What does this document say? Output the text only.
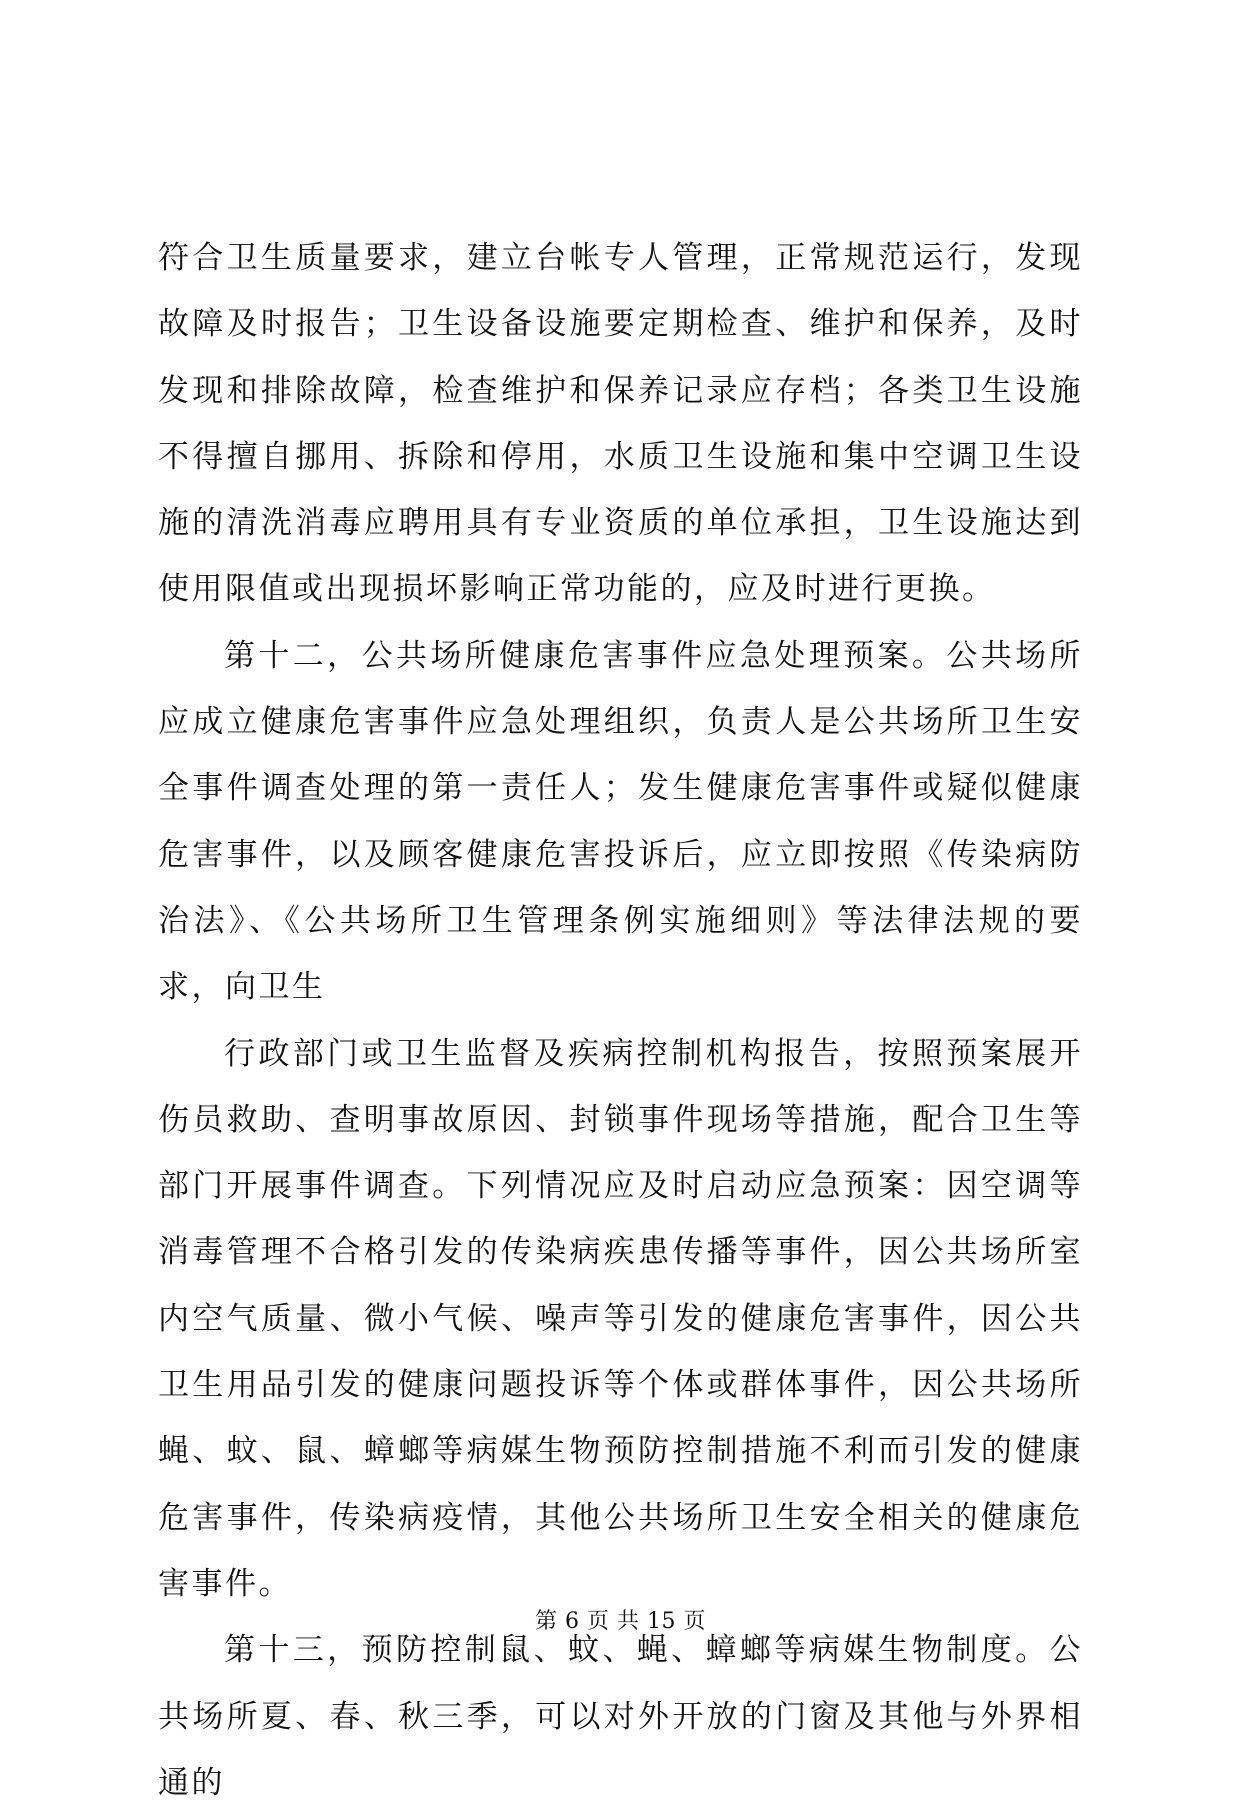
符合卫生质量要求，建立台帐专人管理，正常规范运行，发现故障及时报告；卫生设备设施要定期检查、维护和保养，及时发现和排除故障，检查维护和保养记录应存档；各类卫生设施不得擅自挪用、拆除和停用，水质卫生设施和集中空调卫生设施的清洗消毒应聘用具有专业资质的单位承担，卫生设施达到使用限值或出现损坏影响正常功能的，应及时进行更换。

第十二，公共场所健康危害事件应急处理预案。公共场所应成立健康危害事件应急处理组织，负责人是公共场所卫生安全事件调查处理的第一责任人；发生健康危害事件或疑似健康危害事件，以及顾客健康危害投诉后，应立即按照《传染病防治法》、《公共场所卫生管理条例实施细则》等法律法规的要求，向卫生

行政部门或卫生监督及疾病控制机构报告，按照预案展开伤员救助、查明事故原因、封锁事件现场等措施，配合卫生等部门开展事件调查。下列情况应及时启动应急预案：因空调等消毒管理不合格引发的传染病疾患传播等事件，因公共场所室内空气质量、微小气候、噪声等引发的健康危害事件，因公共卫生用品引发的健康问题投诉等个体或群体事件，因公共场所蝇、蚊、鼠、蟑螂等病媒生物预防控制措施不利而引发的健康危害事件，传染病疫情，其他公共场所卫生安全相关的健康危害事件。

第十三，预防控制鼠、蚊、蝇、蟑螂等病媒生物制度。公共场所夏、春、秋三季，可以对外开放的门窗及其他与外界相通的

第 6 页 共 15 页
